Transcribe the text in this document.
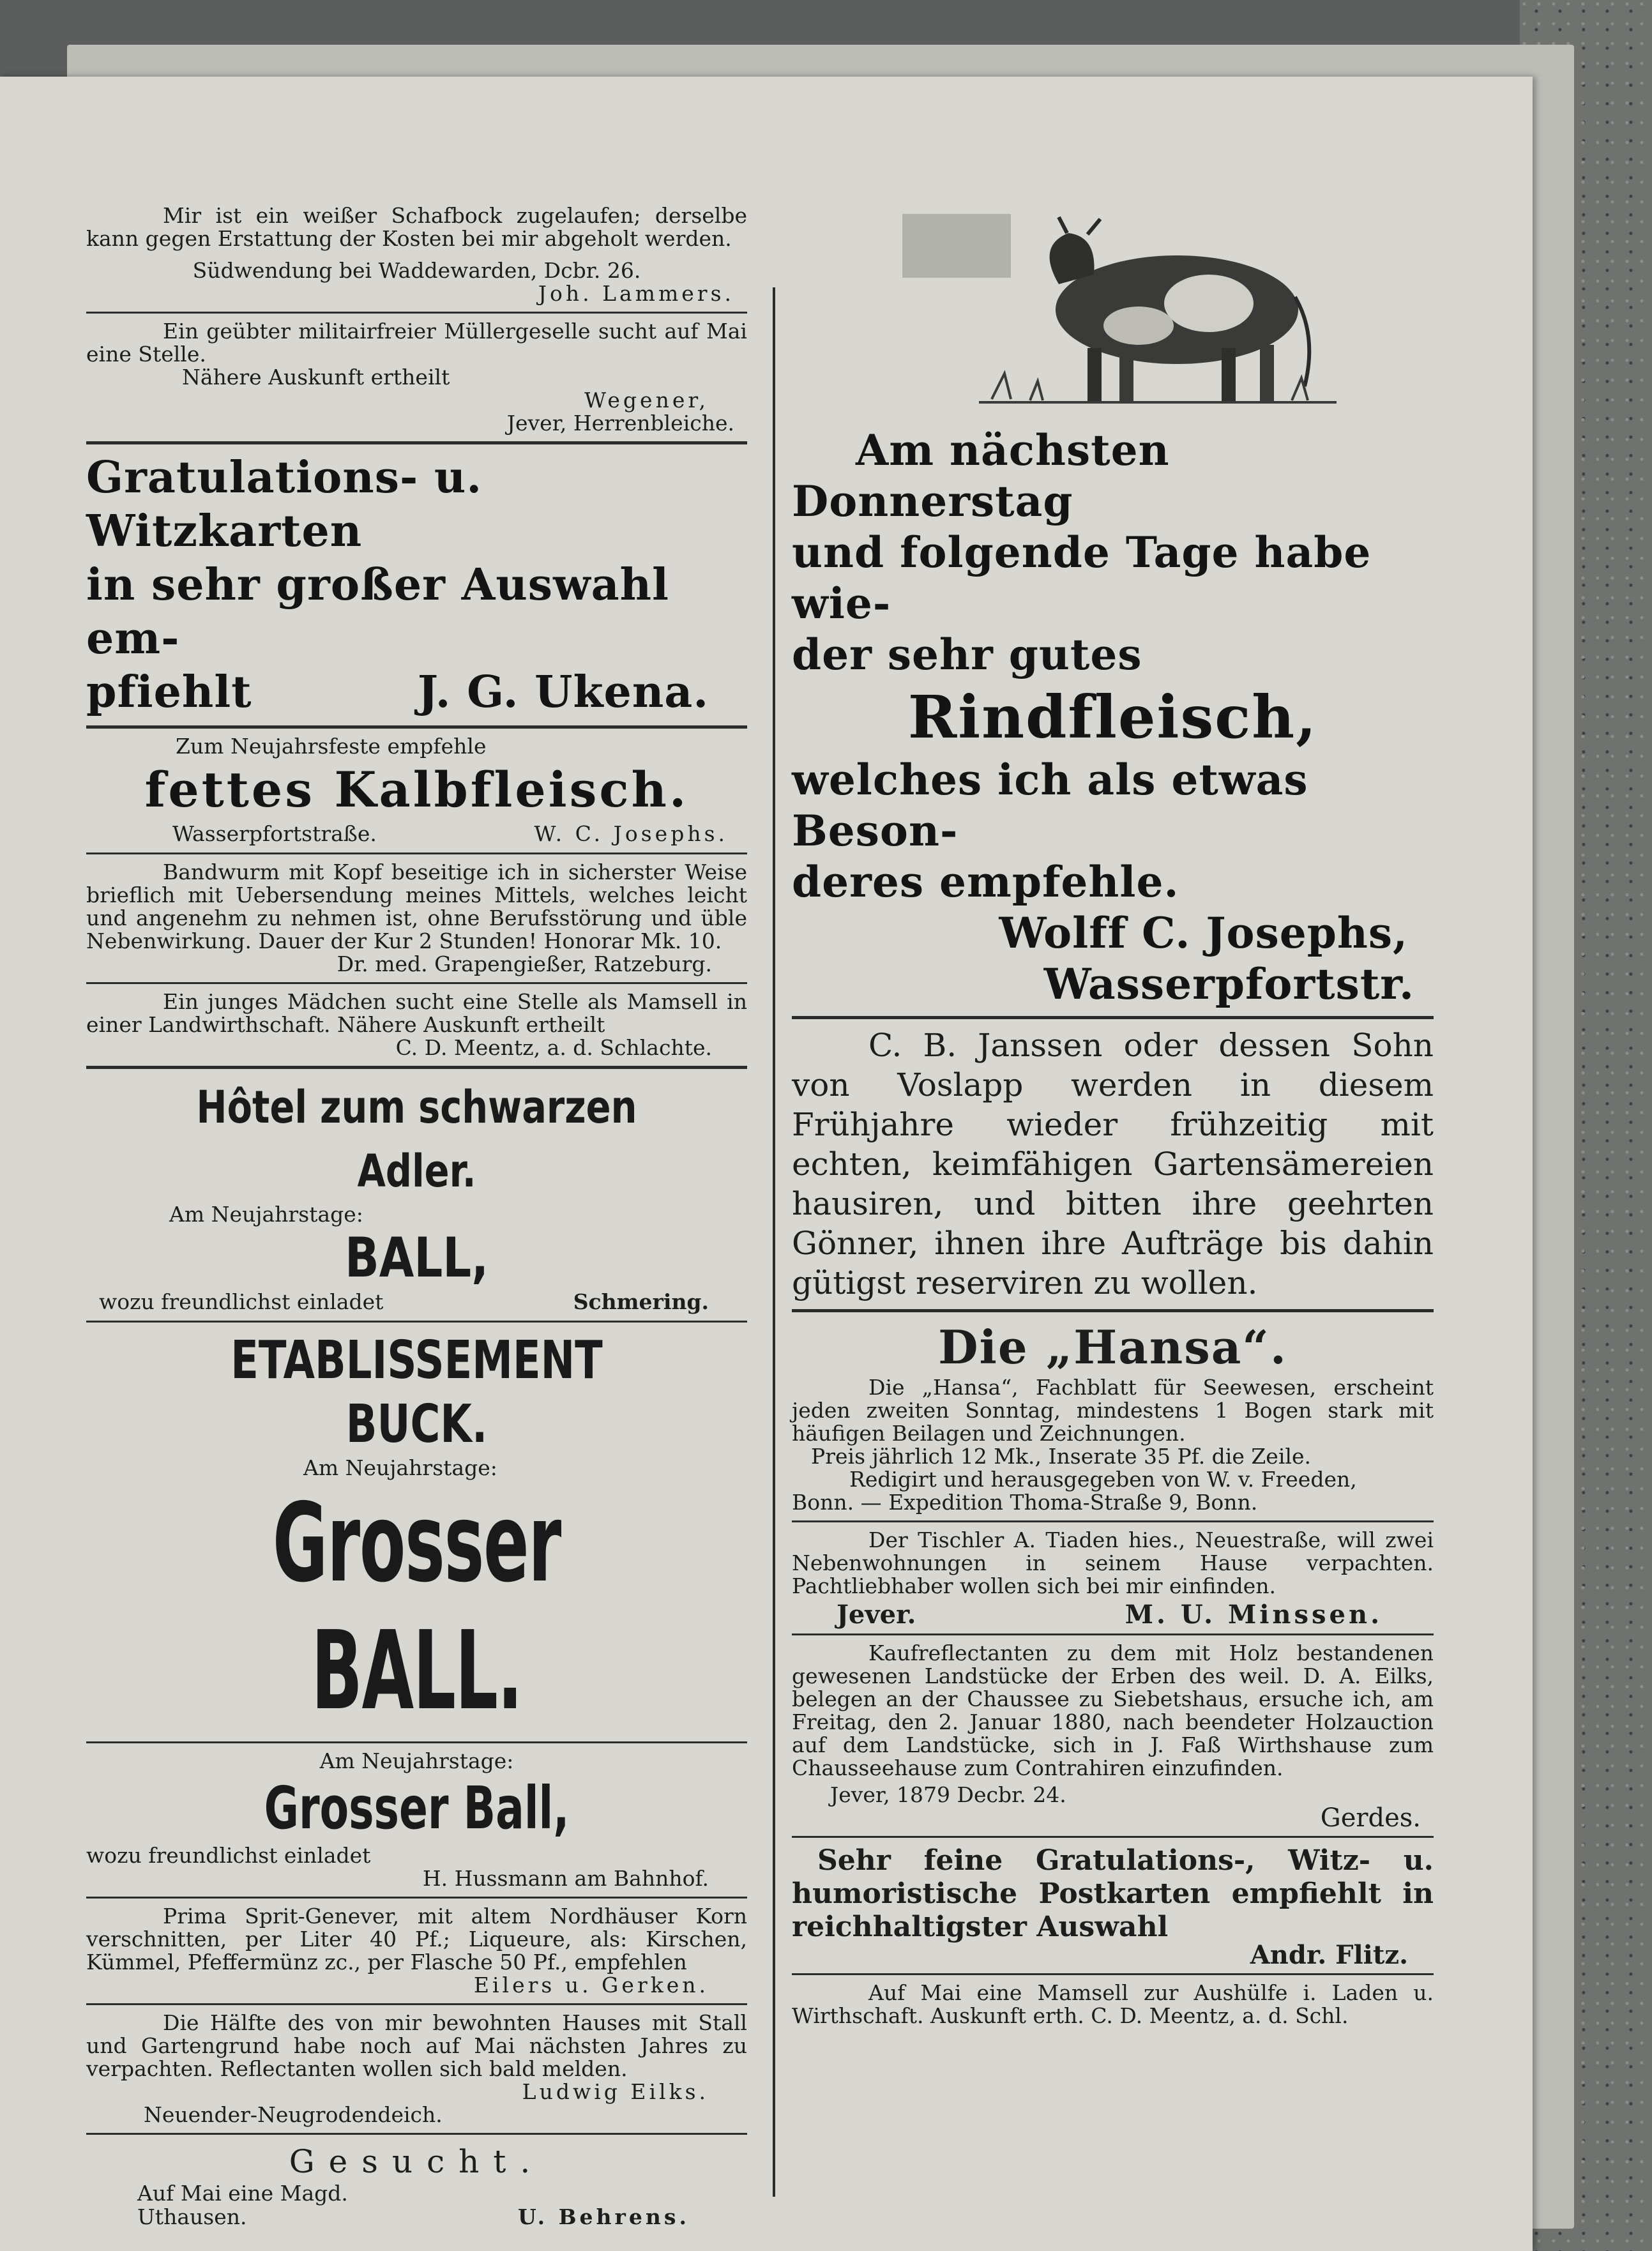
Mir ist ein weißer Schafbock zugelaufen; derselbe kann gegen Erstattung der Kosten bei mir abgeholt werden.

Südwendung bei Waddewarden, Dcbr. 26.

Joh. Lammers.

Ein geübter militairfreier Müllergeselle sucht auf Mai eine Stelle.

Nähere Auskunft ertheilt

Wegener,

Jever, Herrenbleiche.

Gratulations- u. Witzkarten
in sehr großer Auswahl em-
pfiehlt	J. G. Ukena.

Zum Neujahrsfeste empfehle

fettes Kalbfleisch.
Wasserpfortstraße.	W. C. Josephs.

Bandwurm mit Kopf beseitige ich in sicherster Weise brieflich mit Uebersendung meines Mittels, welches leicht und angenehm zu nehmen ist, ohne Berufsstörung und üble Nebenwirkung. Dauer der Kur 2 Stunden! Honorar Mk. 10.

Dr. med. Grapengießer, Ratzeburg.

Ein junges Mädchen sucht eine Stelle als Mamsell in einer Landwirthschaft. Nähere Auskunft ertheilt

C. D. Meentz, a. d. Schlachte.

Hôtel zum schwarzen Adler.

Am Neujahrstage:

BALL,
wozu freundlichst einladet	Schmering.
ETABLISSEMENT BUCK.

Am Neujahrstage:

Grosser BALL.

Am Neujahrstage:

Grosser Ball,

wozu freundlichst einladet

H. Hussmann am Bahnhof.

Prima Sprit-Genever, mit altem Nordhäuser Korn verschnitten, per Liter 40 Pf.; Liqueure, als: Kirschen, Kümmel, Pfeffermünz zc., per Flasche 50 Pf., empfehlen

Eilers u. Gerken.

Die Hälfte des von mir bewohnten Hauses mit Stall und Gartengrund habe noch auf Mai nächsten Jahres zu verpachten. Reflectanten wollen sich bald melden.

Ludwig Eilks.

Neuender-Neugrodendeich.

Gesucht.

Auf Mai eine Magd.

Uthausen.	U. Behrens.
Am nächsten Donnerstag
und folgende Tage habe wie-
der sehr gutes
Rindfleisch,
welches ich als etwas Beson-
deres empfehle.
Wolff C. Josephs,
Wasserpfortstr.

C. B. Janssen oder dessen Sohn von Voslapp werden in diesem Frühjahre wieder frühzeitig mit echten, keimfähigen Gartensämereien hausiren, und bitten ihre geehrten Gönner, ihnen ihre Aufträge bis dahin gütigst reserviren zu wollen.

Die „Hansa“.

Die „Hansa“, Fachblatt für Seewesen, erscheint jeden zweiten Sonntag, mindestens 1 Bogen stark mit häufigen Beilagen und Zeichnungen.

Preis jährlich 12 Mk., Inserate 35 Pf. die Zeile.

Redigirt und herausgegeben von W. v. Freeden,

Bonn. — Expedition Thoma-Straße 9, Bonn.

Der Tischler A. Tiaden hies., Neuestraße, will zwei Nebenwohnungen in seinem Hause verpachten. Pachtliebhaber wollen sich bei mir einfinden.

Jever.	M. U. Minssen.

Kaufreflectanten zu dem mit Holz bestandenen gewesenen Landstücke der Erben des weil. D. A. Eilks, belegen an der Chaussee zu Siebetshaus, ersuche ich, am Freitag, den 2. Januar 1880, nach beendeter Holzauction auf dem Landstücke, sich in J. Faß Wirthshause zum Chausseehause zum Contrahiren einzufinden.

Jever, 1879 Decbr. 24.

Gerdes.

Sehr feine Gratulations-, Witz- u. humoristische Postkarten empfiehlt in reichhaltigster Auswahl

Andr. Flitz.

Auf Mai eine Mamsell zur Aushülfe i. Laden u. Wirthschaft. Auskunft erth. C. D. Meentz, a. d. Schl.
